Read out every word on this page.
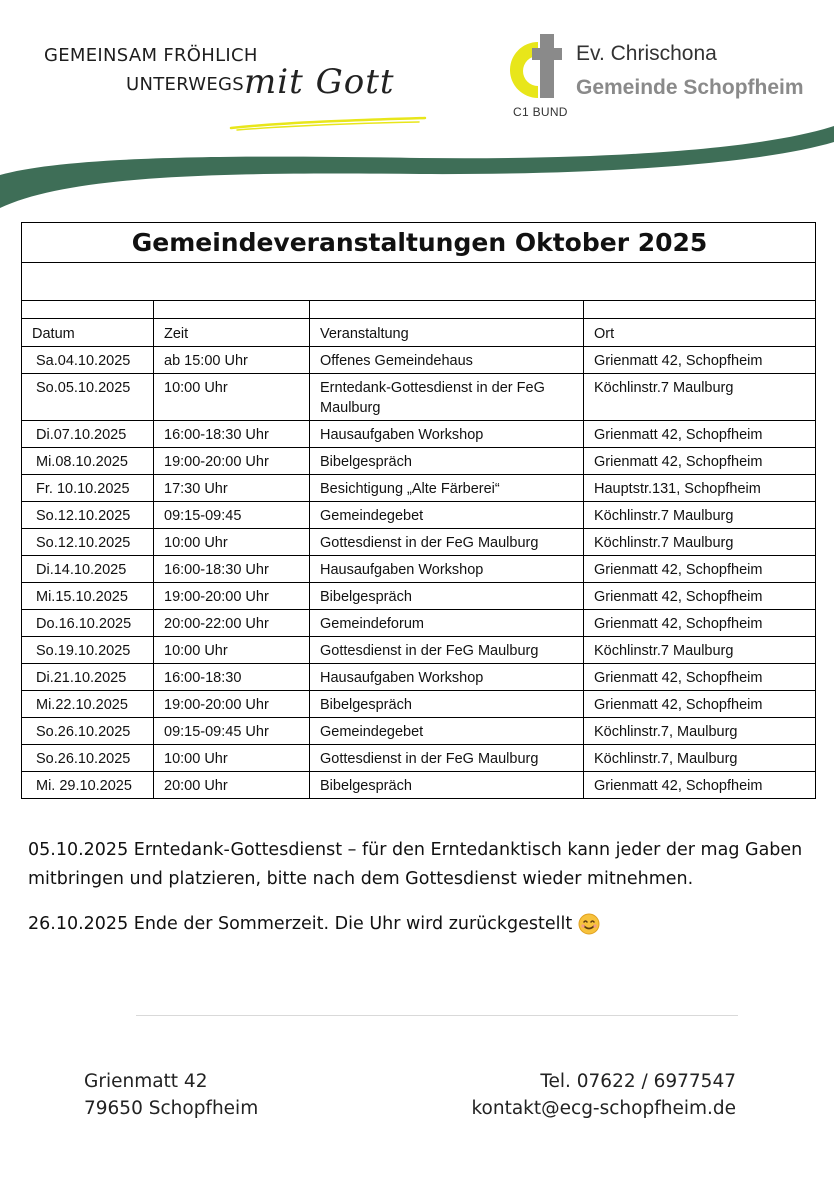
GEMEINSAM FRÖHLICH
UNTERWEGS mit Gott
C1 BUND
Ev. Chrischona
Gemeinde Schopfheim
Gemeindeveranstaltungen Oktober 2025			

Datum	Zeit	Veranstaltung	Ort
Sa.04.10.2025	ab 15:00 Uhr	Offenes Gemeindehaus	Grienmatt 42, Schopfheim
So.05.10.2025	10:00 Uhr	Erntedank-Gottesdienst in der FeG Maulburg	Köchlinstr.7 Maulburg
Di.07.10.2025	16:00-18:30 Uhr	Hausaufgaben Workshop	Grienmatt 42, Schopfheim
Mi.08.10.2025	19:00-20:00 Uhr	Bibelgespräch	Grienmatt 42, Schopfheim
Fr. 10.10.2025	17:30 Uhr	Besichtigung „Alte Färberei“	Hauptstr.131, Schopfheim
So.12.10.2025	09:15-09:45	Gemeindegebet	Köchlinstr.7 Maulburg
So.12.10.2025	10:00 Uhr	Gottesdienst in der FeG Maulburg	Köchlinstr.7 Maulburg
Di.14.10.2025	16:00-18:30 Uhr	Hausaufgaben Workshop	Grienmatt 42, Schopfheim
Mi.15.10.2025	19:00-20:00 Uhr	Bibelgespräch	Grienmatt 42, Schopfheim
Do.16.10.2025	20:00-22:00 Uhr	Gemeindeforum	Grienmatt 42, Schopfheim
So.19.10.2025	10:00 Uhr	Gottesdienst in der FeG Maulburg	Köchlinstr.7 Maulburg
Di.21.10.2025	16:00-18:30	Hausaufgaben Workshop	Grienmatt 42, Schopfheim
Mi.22.10.2025	19:00-20:00 Uhr	Bibelgespräch	Grienmatt 42, Schopfheim
So.26.10.2025	09:15-09:45 Uhr	Gemeindegebet	Köchlinstr.7, Maulburg
So.26.10.2025	10:00 Uhr	Gottesdienst in der FeG Maulburg	Köchlinstr.7, Maulburg
Mi. 29.10.2025	20:00 Uhr	Bibelgespräch	Grienmatt 42, Schopfheim

05.10.2025 Erntedank-Gottesdienst – für den Erntedanktisch kann jeder der mag Gaben mitbringen und platzieren, bitte nach dem Gottesdienst wieder mitnehmen.

26.10.2025 Ende der Sommerzeit. Die Uhr wird zurückgestellt

Grienmatt 42
79650 Schopfheim
Tel. 07622 / 6977547
kontakt@ecg-schopfheim.de
